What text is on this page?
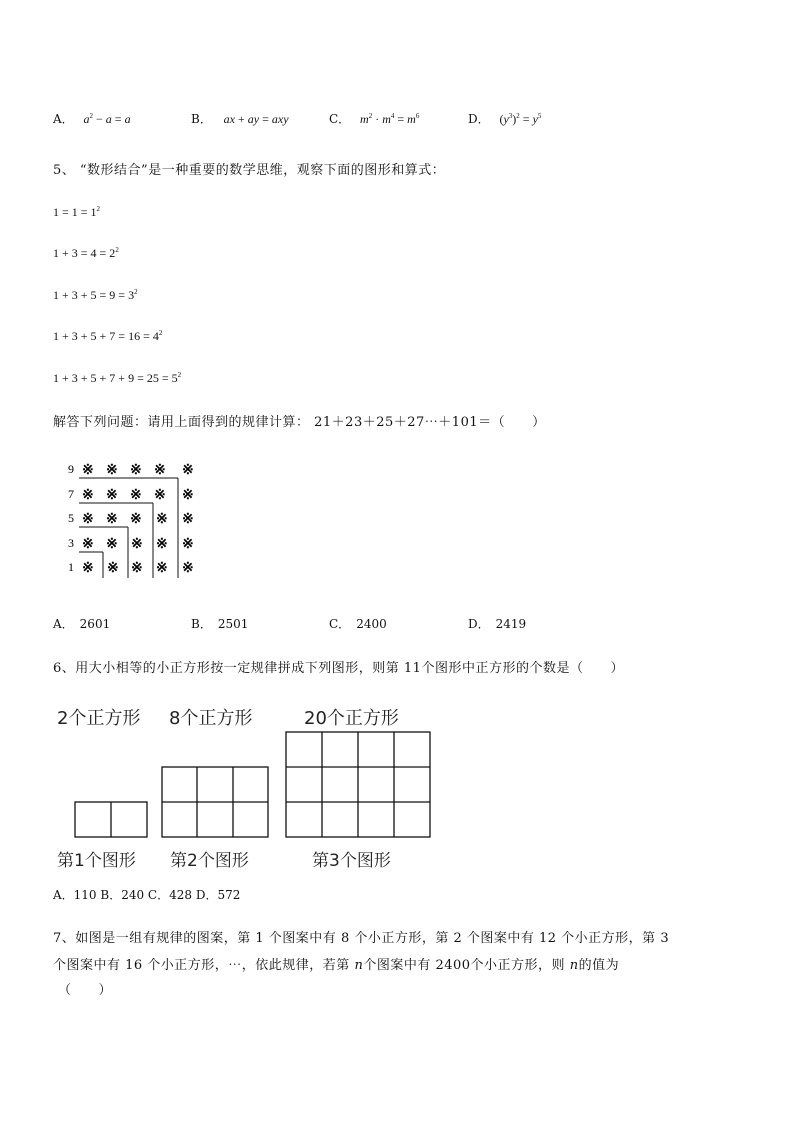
A． $a^2 - a = a$	B． ax + ay = axy	C． $m^2 \cdot m^4 = m^6$	D． $(y^3)^2 = y^5$
5、 “数形结合”是一种重要的数学思维，观察下面的图形和算式：
$1 = 1 = 1^2$
$1 + 3 = 4 = 2^2$
$1 + 3 + 5 = 9 = 3^2$
$1 + 3 + 5 + 7 = 16 = 4^2$
$1 + 3 + 5 + 7 + 9 = 25 = 5^2$
解答下列问题：请用上面得到的规律计算： 21＋23＋25＋27⋯＋101＝（　　）
9
7
5
3
1
※ ※ ※ ※ ※
※ ※ ※ ※ ※
※ ※ ※ ※ ※
※ ※ ※ ※ ※
※ ※ ※ ※ ※
A． 2601	B． 2501	C． 2400	D． 2419
6、用大小相等的小正方形按一定规律拼成下列图形，则第 11个图形中正方形的个数是（　　）
2个正方形 8个正方形	20个正方形
第1个图形 第2个图形	第3个图形
A．110 B．240 C．428 D．572
7、如图是一组有规律的图案，第 1 个图案中有 8 个小正方形，第 2 个图案中有 12 个小正方形，第 3
个图案中有 16 个小正方形，⋯，依此规律，若第 n个图案中有 2400个小正方形，则 n的值为
（　　）
